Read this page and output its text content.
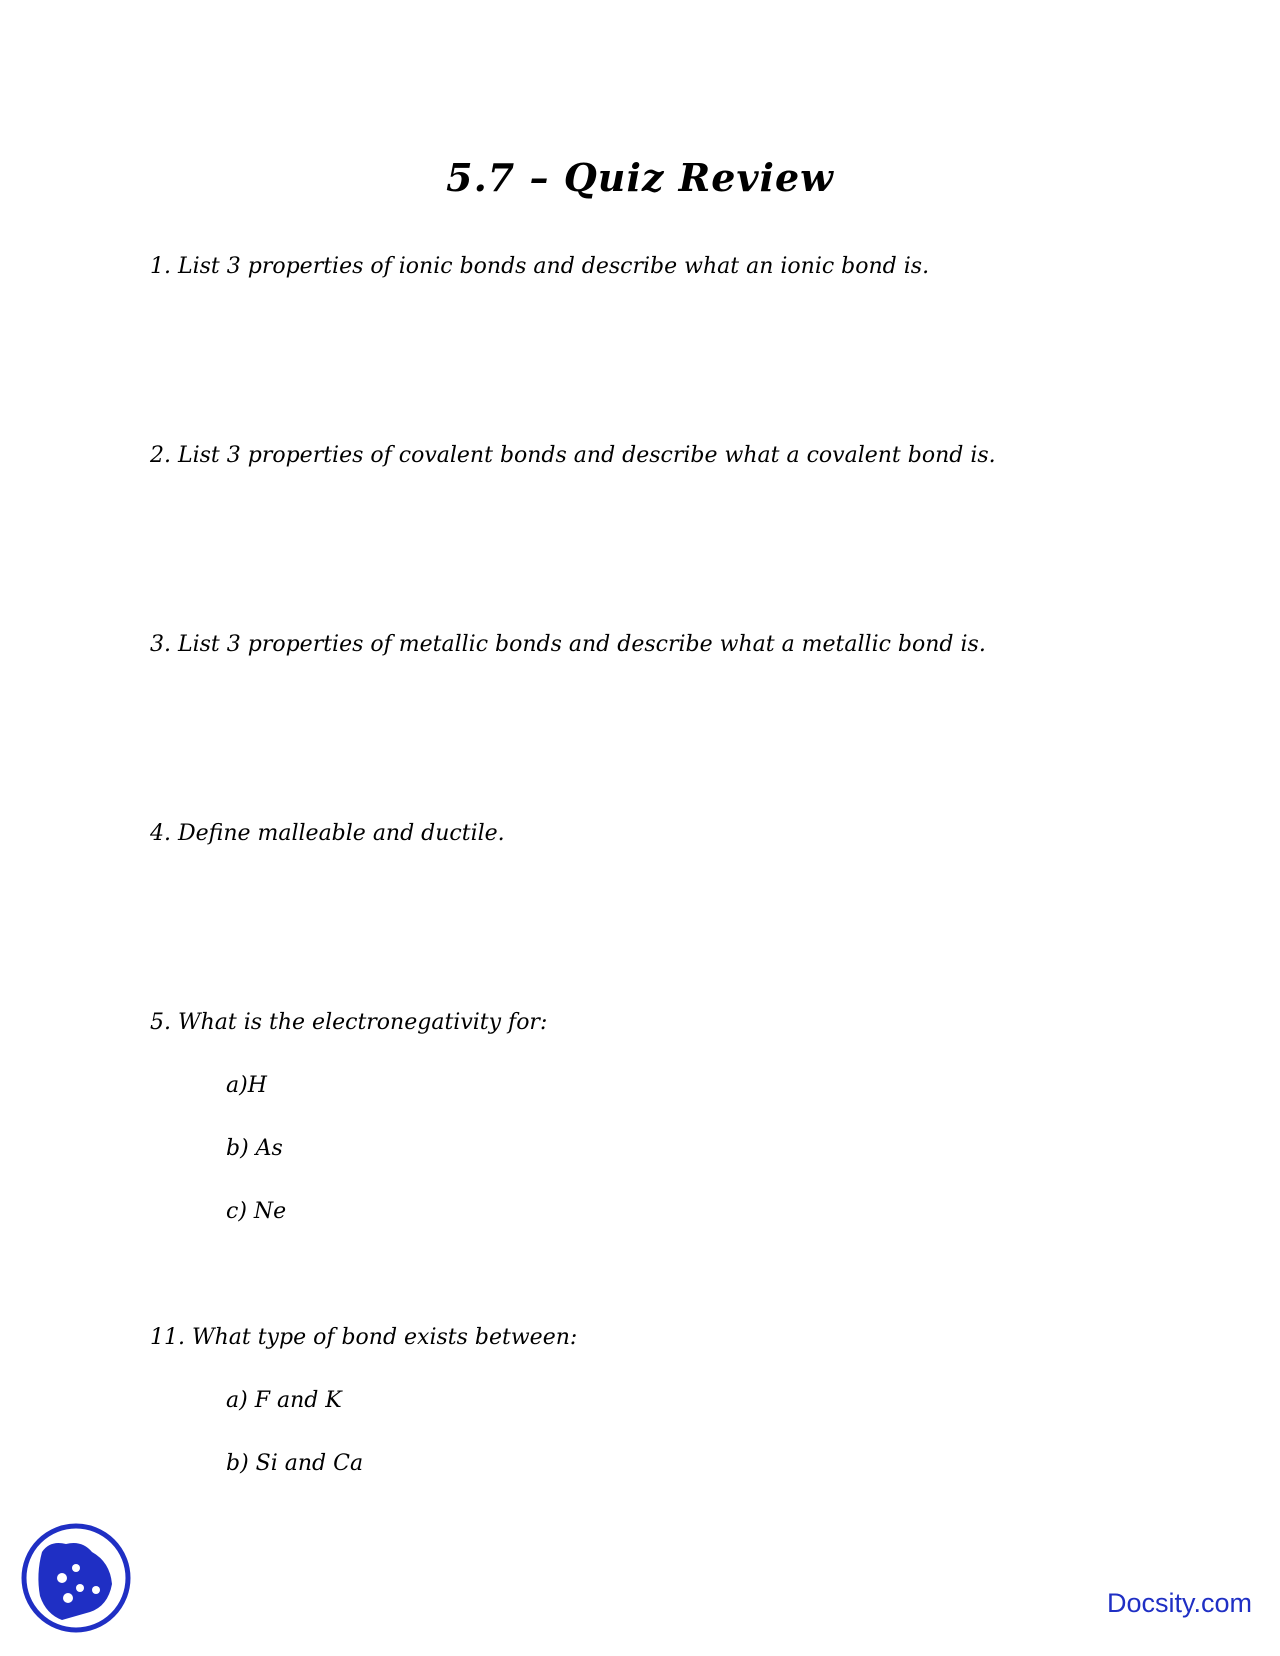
5.7 – Quiz Review
1. List 3 properties of ionic bonds and describe what an ionic bond is.
2. List 3 properties of covalent bonds and describe what a covalent bond is.
3. List 3 properties of metallic bonds and describe what a metallic bond is.
4. Define malleable and ductile.
5. What is the electronegativity for:
a)H
b) As
c) Ne
11. What type of bond exists between:
a) F and K
b) Si and Ca
Docsity.com
